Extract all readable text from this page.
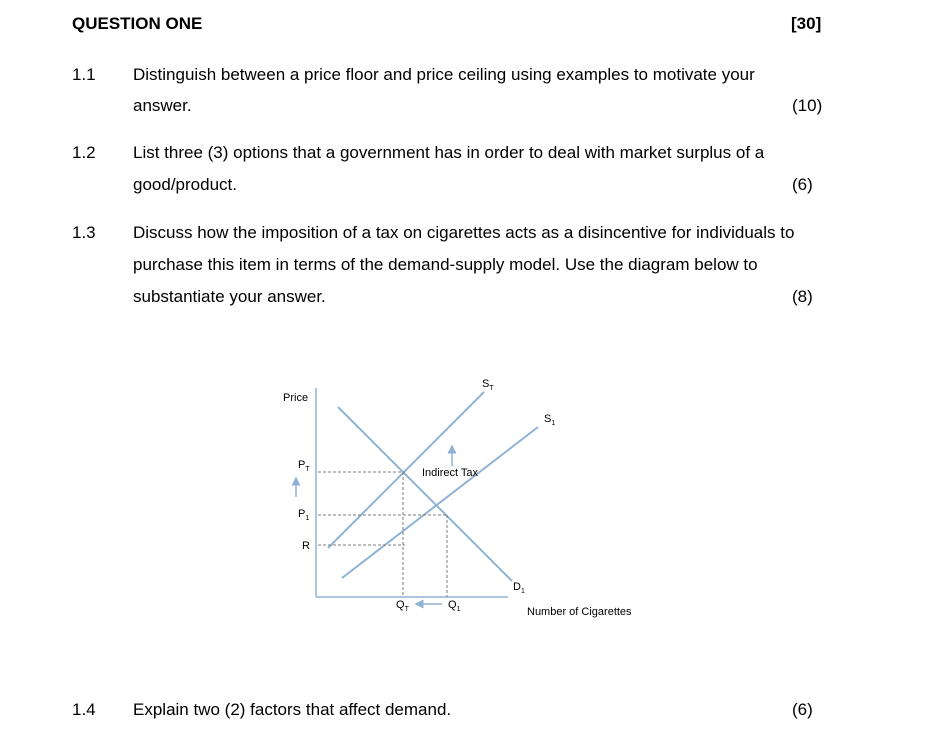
QUESTION ONE	[30]
1.1 Distinguish between a price floor and price ceiling using examples to motivate your
answer.	(10)
1.2 List three (3) options that a government has in order to deal with market surplus of a
good/product.	(6)
1.3 Discuss how the imposition of a tax on cigarettes acts as a disincentive for individuals to
purchase this item in terms of the demand-supply model. Use the diagram below to
substantiate your answer.	(8)
1.4 Explain two (2) factors that affect demand.	(6)
Price
Number of Cigarettes
$S_T$
$S_1$
$D_1$
$P_T$
$P_1$
R
$Q_T$	$Q_1$
Indirect Tax
